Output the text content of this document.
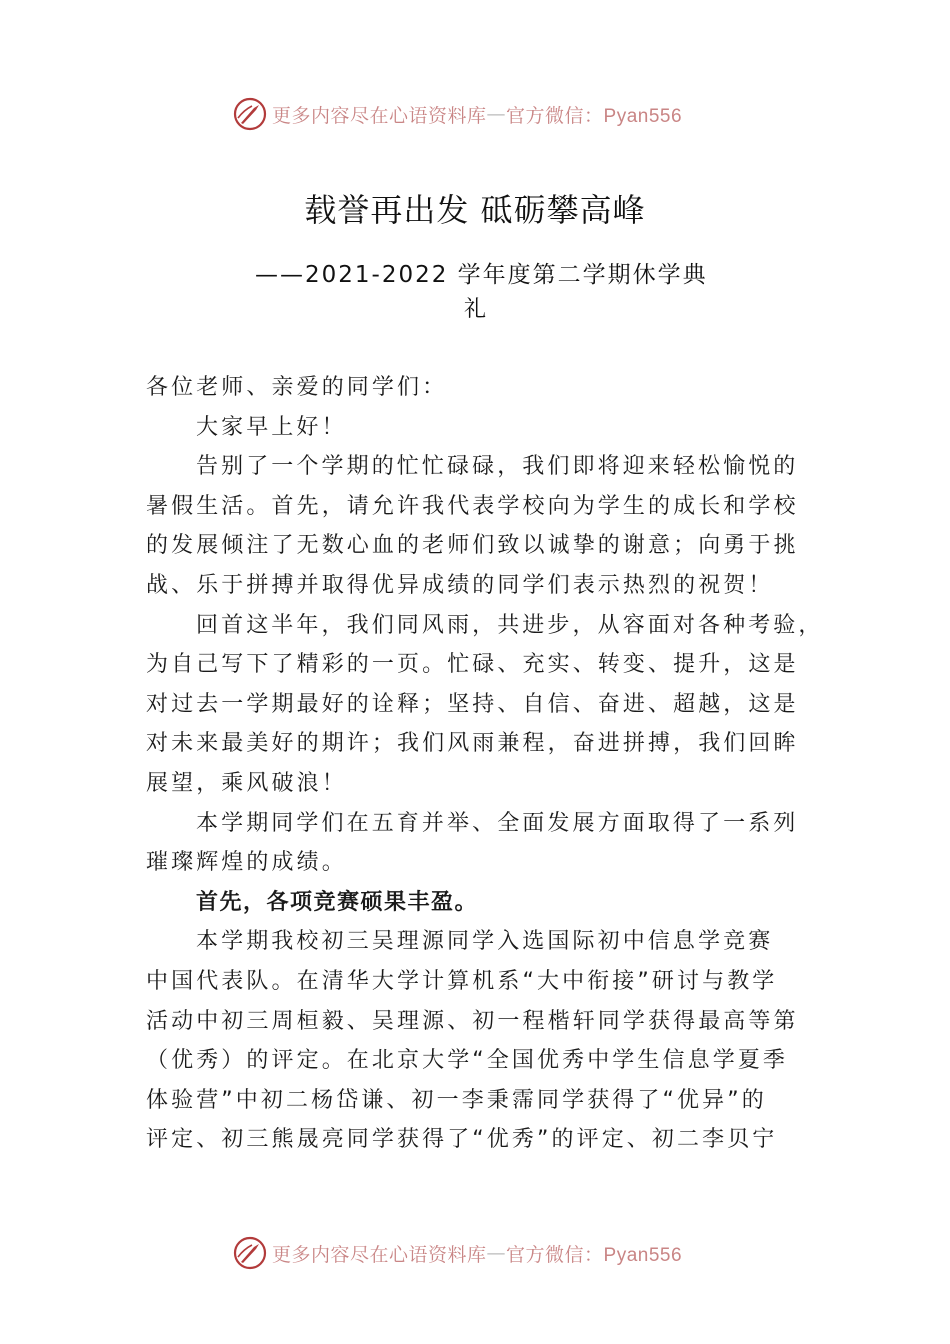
更多内容尽在心语资料库 — 官方微信：Pyan556
载誉再出发 砥砺攀高峰
——2021-2022 学年度第二学期休学典
礼
各位老师、亲爱的同学们：
大家早上好！
告别了一个学期的忙忙碌碌，我们即将迎来轻松愉悦的
暑假生活。首先，请允许我代表学校向为学生的成长和学校
的发展倾注了无数心血的老师们致以诚挚的谢意；向勇于挑
战、乐于拼搏并取得优异成绩的同学们表示热烈的祝贺！
回首这半年，我们同风雨，共进步，从容面对各种考验，
为自己写下了精彩的一页。忙碌、充实、转变、提升，这是
对过去一学期最好的诠释；坚持、自信、奋进、超越，这是
对未来最美好的期许；我们风雨兼程，奋进拼搏，我们回眸
展望，乘风破浪！
本学期同学们在五育并举、全面发展方面取得了一系列
璀璨辉煌的成绩。
首先，各项竞赛硕果丰盈。
本学期我校初三吴理源同学入选国际初中信息学竞赛
中国代表队。在清华大学计算机系“大中衔接”研讨与教学
活动中初三周桓毅、吴理源、初一程楷轩同学获得最高等第
（优秀）的评定。在北京大学“全国优秀中学生信息学夏季
体验营”中初二杨岱谦、初一李秉霈同学获得了“优异”的
评定、初三熊晟亮同学获得了“优秀”的评定、初二李贝宁
更多内容尽在心语资料库 — 官方微信：Pyan556
